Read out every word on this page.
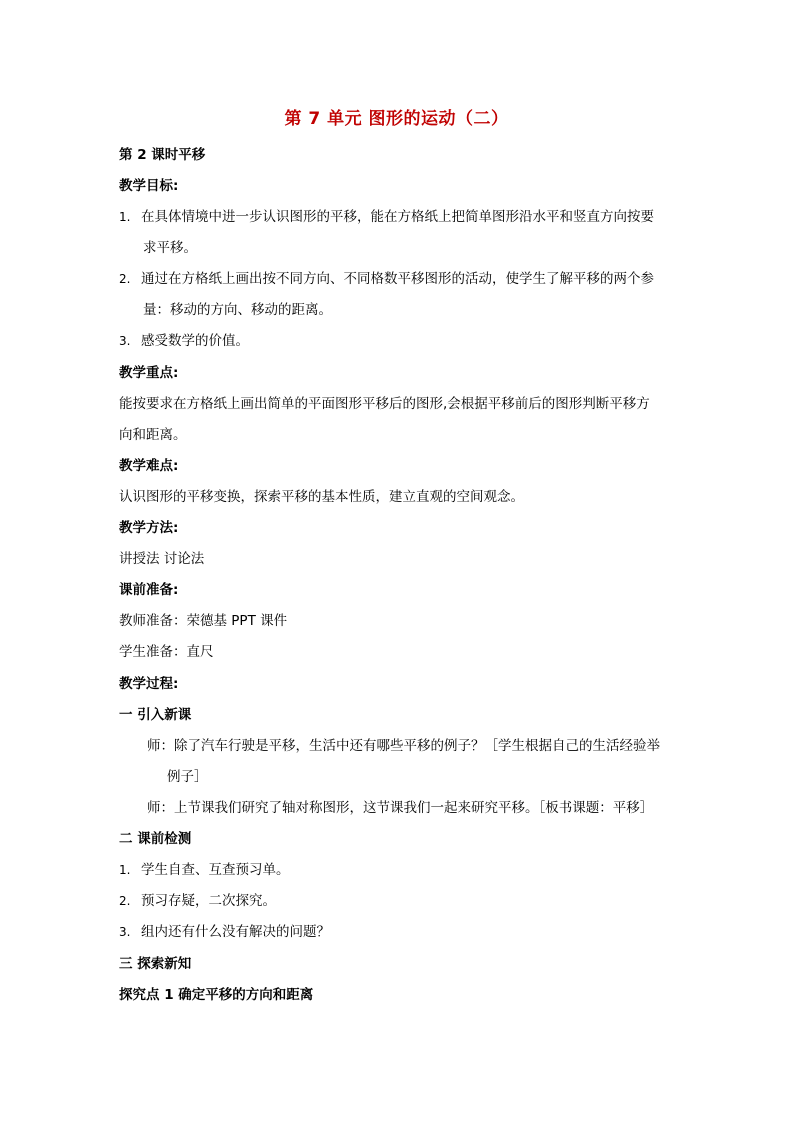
第 7 单元 图形的运动（二）
第 2 课时平移
教学目标:
1. 在具体情境中进一步认识图形的平移，能在方格纸上把简单图形沿水平和竖直方向按要
求平移。
2. 通过在方格纸上画出按不同方向、不同格数平移图形的活动，使学生了解平移的两个参
量：移动的方向、移动的距离。
3. 感受数学的价值。
教学重点:
能按要求在方格纸上画出简单的平面图形平移后的图形,会根据平移前后的图形判断平移方
向和距离。
教学难点:
认识图形的平移变换，探索平移的基本性质，建立直观的空间观念。
教学方法:
讲授法 讨论法
课前准备:
教师准备：荣德基 PPT 课件
学生准备：直尺
教学过程:
一 引入新课
师：除了汽车行驶是平移，生活中还有哪些平移的例子？［学生根据自己的生活经验举
例子］
师：上节课我们研究了轴对称图形，这节课我们一起来研究平移。［板书课题：平移］
二 课前检测
1. 学生自查、互查预习单。
2. 预习存疑，二次探究。
3. 组内还有什么没有解决的问题？
三 探索新知
探究点 1 确定平移的方向和距离
